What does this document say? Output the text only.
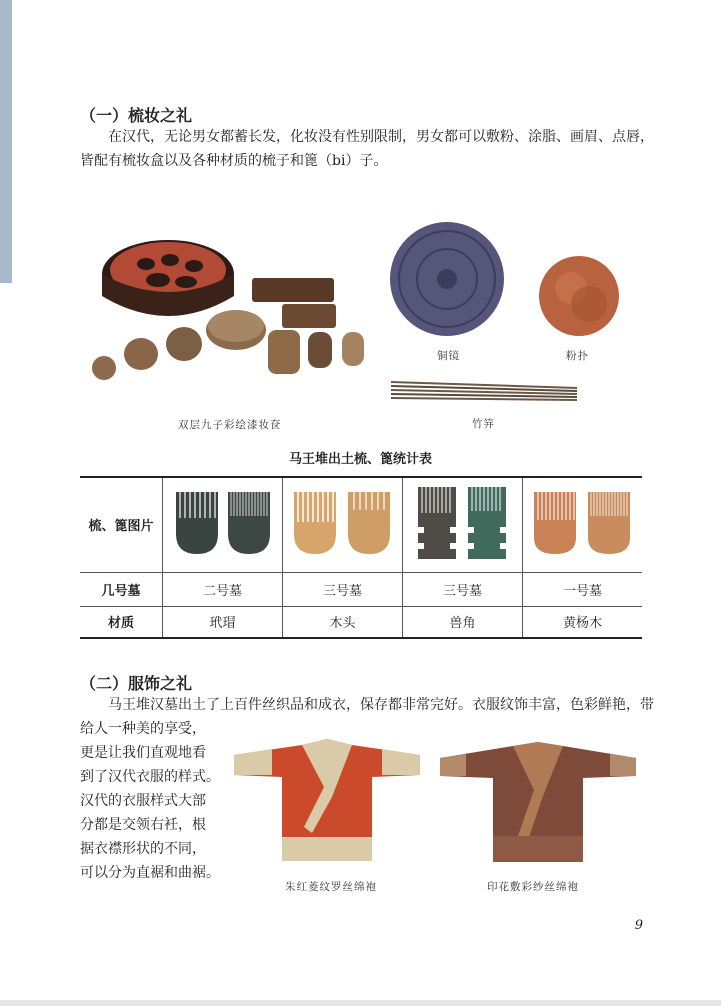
（一）梳妆之礼

在汉代，无论男女都蓄长发，化妆没有性别限制，男女都可以敷粉、涂脂、画眉、点唇，

皆配有梳妆盒以及各种材质的梳子和篦（bi）子。

双层九子彩绘漆妆奁
铜镜	粉扑
竹笄
马王堆出土梳、篦统计表
梳、篦图片				
几号墓	二号墓	三号墓	三号墓	一号墓
材质	玳瑁	木头	兽角	黄杨木
（二）服饰之礼

马王堆汉墓出土了上百件丝织品和成衣，保存都非常完好。衣服纹饰丰富，色彩鲜艳，带

给人一种美的享受，

更是让我们直观地看

到了汉代衣服的样式。

汉代的衣服样式大部

分都是交领右衽，根

据衣襟形状的不同，

可以分为直裾和曲裾。

朱红菱纹罗丝绵袍	印花敷彩纱丝绵袍
9
